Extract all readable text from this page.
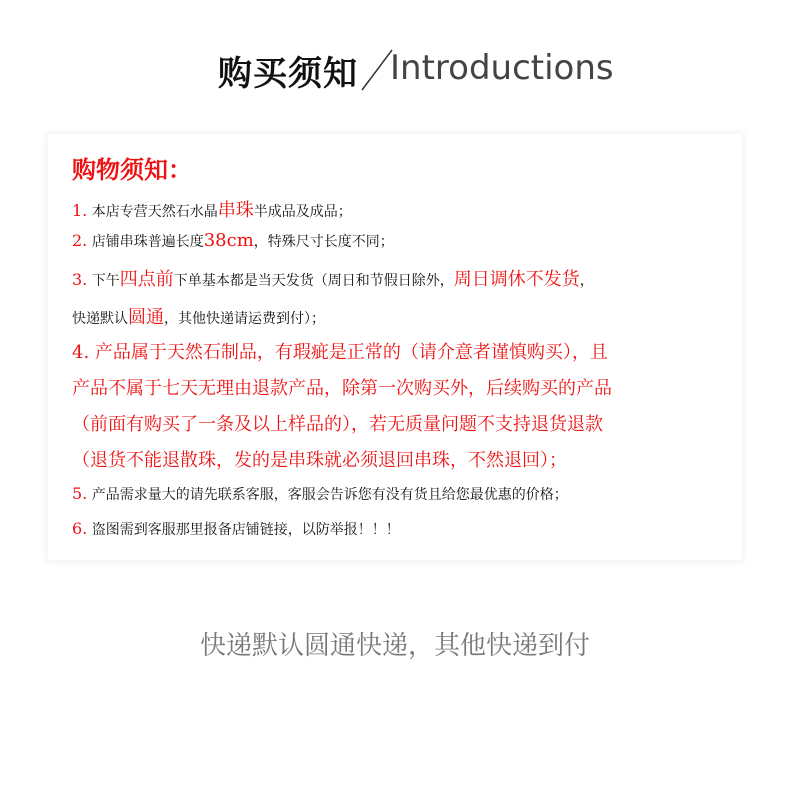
购买须知 Introductions
购物须知：
1. 本店专营天然石水晶串珠半成品及成品；
2. 店铺串珠普遍长度38cm，特殊尺寸长度不同；
3. 下午四点前下单基本都是当天发货（周日和节假日除外，周日调休不发货，
快递默认圆通，其他快递请运费到付）；
4. 产品属于天然石制品，有瑕疵是正常的（请介意者谨慎购买），且
产品不属于七天无理由退款产品，除第一次购买外，后续购买的产品
（前面有购买了一条及以上样品的），若无质量问题不支持退货退款
（退货不能退散珠，发的是串珠就必须退回串珠，不然退回）；
5. 产品需求量大的请先联系客服，客服会告诉您有没有货且给您最优惠的价格；
6. 盗图需到客服那里报备店铺链接，以防举报！！！
快递默认圆通快递，其他快递到付
